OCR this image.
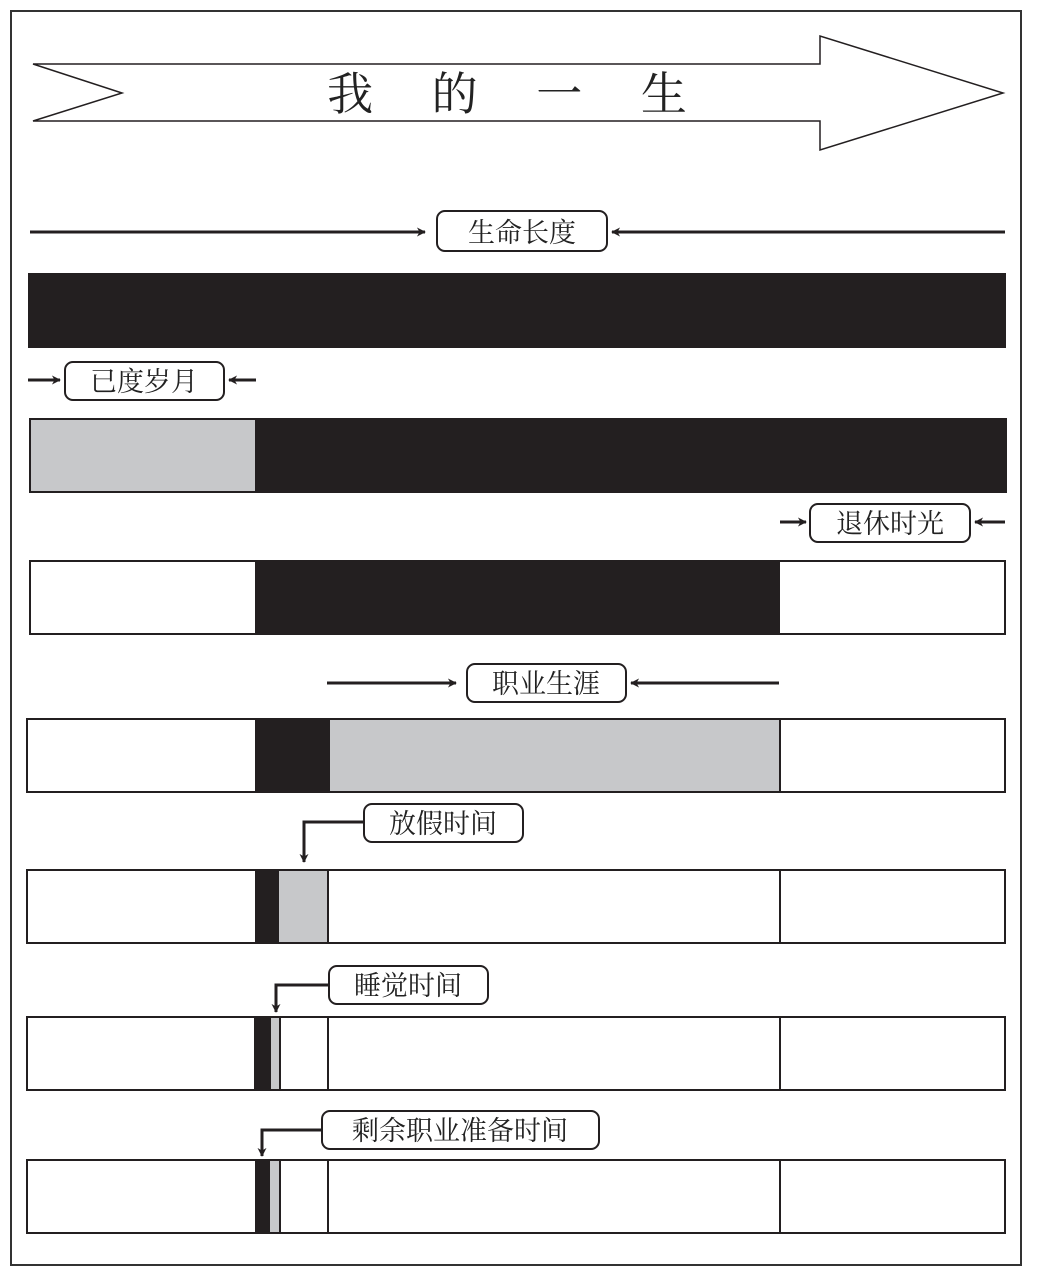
我 的 一 生
生命长度
已度岁月
退休时光
职业生涯
放假时间
睡觉时间
剩余职业准备时间
